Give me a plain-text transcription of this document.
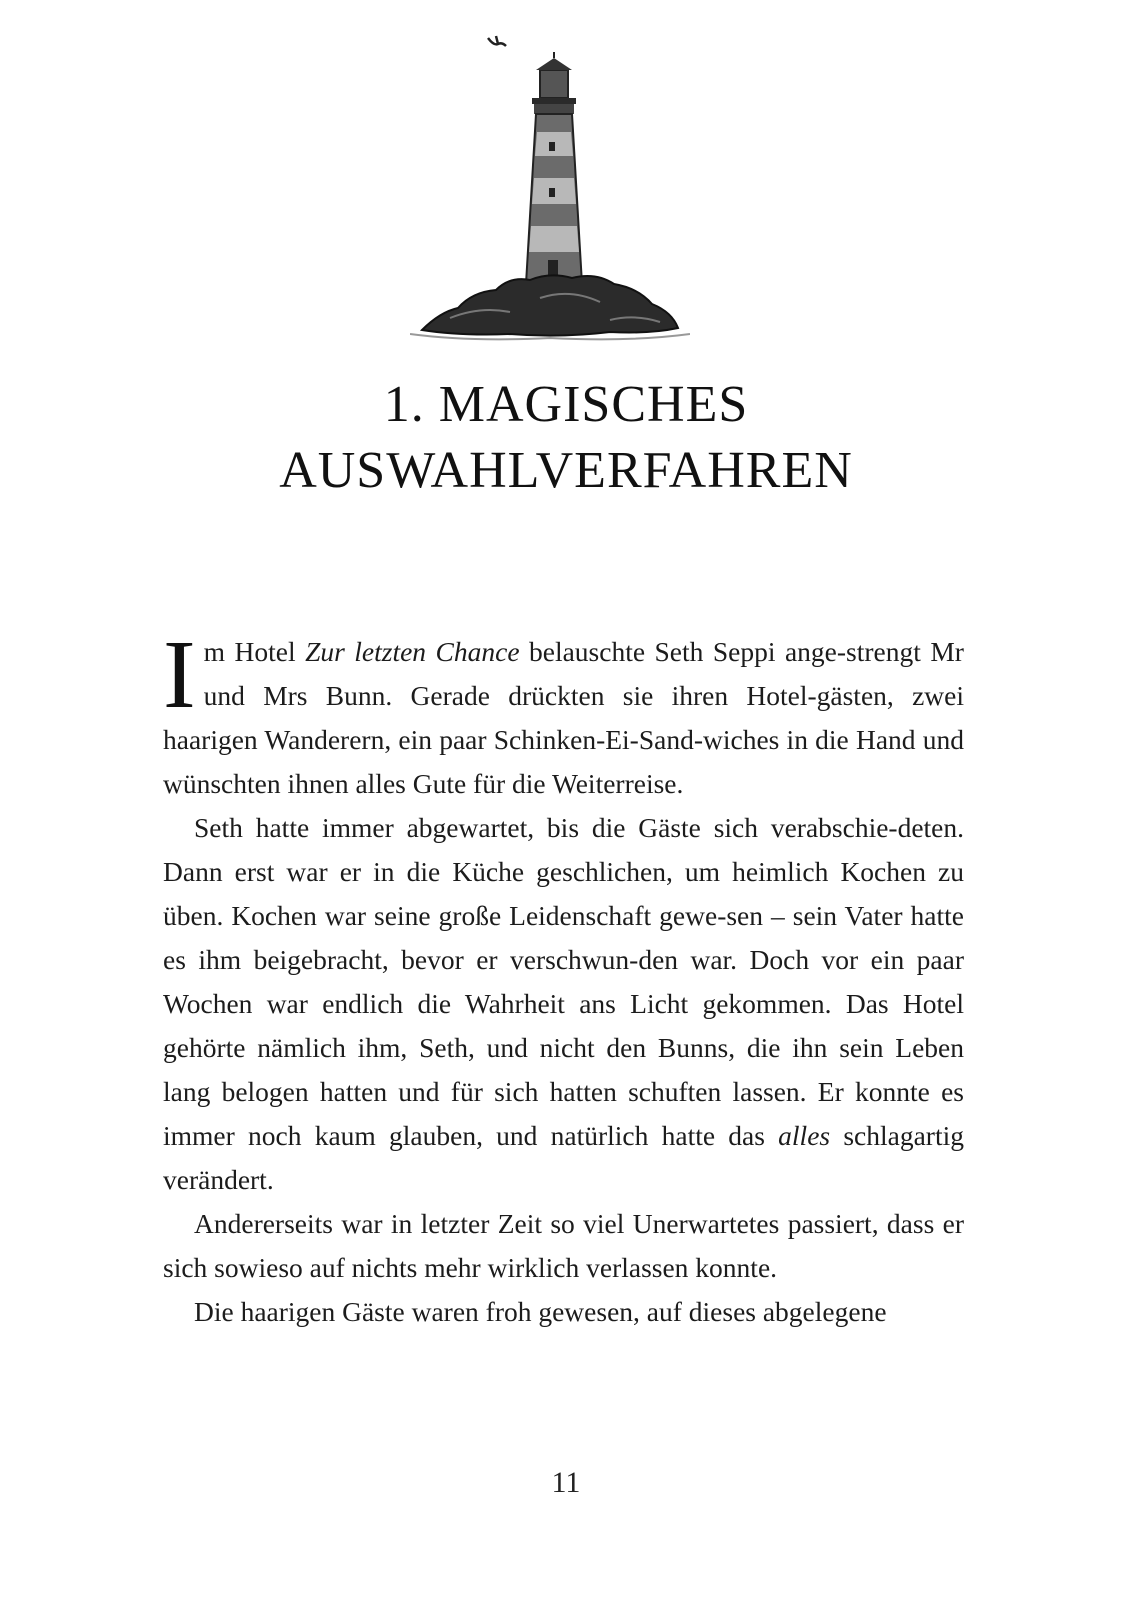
1. MAGISCHES
AUSWAHLVERFAHREN

Im Hotel Zur letzten Chance belauschte Seth Seppi ange-strengt Mr und Mrs Bunn. Gerade drückten sie ihren Hotel-gästen, zwei haarigen Wanderern, ein paar Schinken-Ei-Sand-wiches in die Hand und wünschten ihnen alles Gute für die Weiterreise.

Seth hatte immer abgewartet, bis die Gäste sich verabschie-deten. Dann erst war er in die Küche geschlichen, um heimlich Kochen zu üben. Kochen war seine große Leidenschaft gewe-sen – sein Vater hatte es ihm beigebracht, bevor er verschwun-den war. Doch vor ein paar Wochen war endlich die Wahrheit ans Licht gekommen. Das Hotel gehörte nämlich ihm, Seth, und nicht den Bunns, die ihn sein Leben lang belogen hatten und für sich hatten schuften lassen. Er konnte es immer noch kaum glauben, und natürlich hatte das alles schlagartig verändert.

Andererseits war in letzter Zeit so viel Unerwartetes passiert, dass er sich sowieso auf nichts mehr wirklich verlassen konnte.

Die haarigen Gäste waren froh gewesen, auf dieses abgelegene

11
